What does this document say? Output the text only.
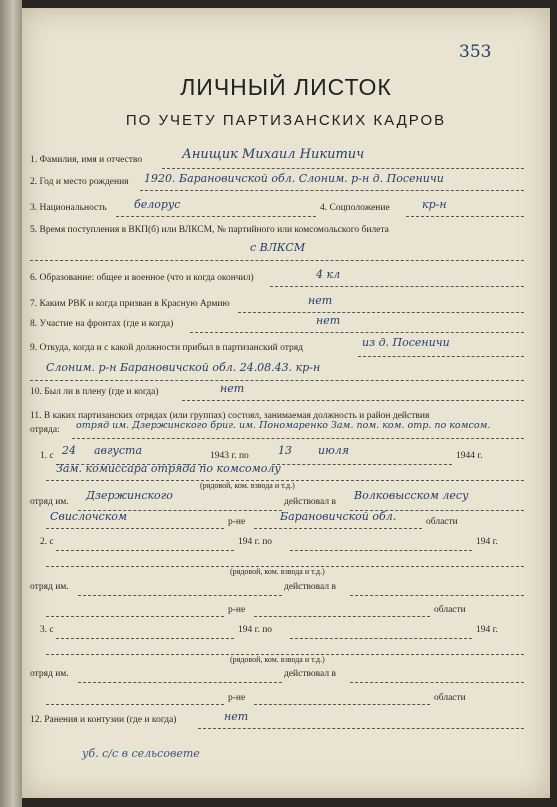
353
ЛИЧНЫЙ ЛИСТОК
ПО УЧЕТУ ПАРТИЗАНСКИХ КАДРОВ
1. Фамилия, имя и отчество	Анищик Михаил Никитич
2. Год и место рождения 1920. Барановичской обл. Слоним. р-н д. Посеничи
3. Национальность белорус	4. Соцположение	кр-н
5. Время поступления в ВКП(б) или ВЛКСМ, № партийного или комсомольского билета
с ВЛКСМ
6. Образование: общее и военное (что и когда окончил)	4 кл
7. Каким РВК и когда призван в Красную Армию	нет
8. Участие на фронтах (где и когда)	нет
9. Откуда, когда и с какой должности прибыл в партизанский отряд	из д. Посеничи
Слоним. р-н Барановичской обл. 24.08.43. кр-н
10. Был ли в плену (где и когда)	нет
11. В каких партизанских отрядах (или группах) состоял, занимаемая должность и район действия
отряда: отряд им. Дзержинского бриг. им. Пономаренко Зам. пом. ком. отр. по комсом.
1. с 24 августа	1943 г. по	13 июля	1944 г.
Зам. комиссара отряда по комсомолу
(рядовой, ком. взвода и т.д.)
отряд им. Дзержинского	действовал в Волковысском лесу
Свислочском	р-не	Барановичской обл.	области
2. с	194 г. по	194 г.
(рядовой, ком. взвода и т.д.)
отряд им.	действовал в
р-не	области
3. с	194 г. по	194 г.
(рядовой, ком. взвода и т.д.)
отряд им.	действовал в
р-не	области
12. Ранения и контузии (где и когда)	нет
уб. с/с в сельсовете
